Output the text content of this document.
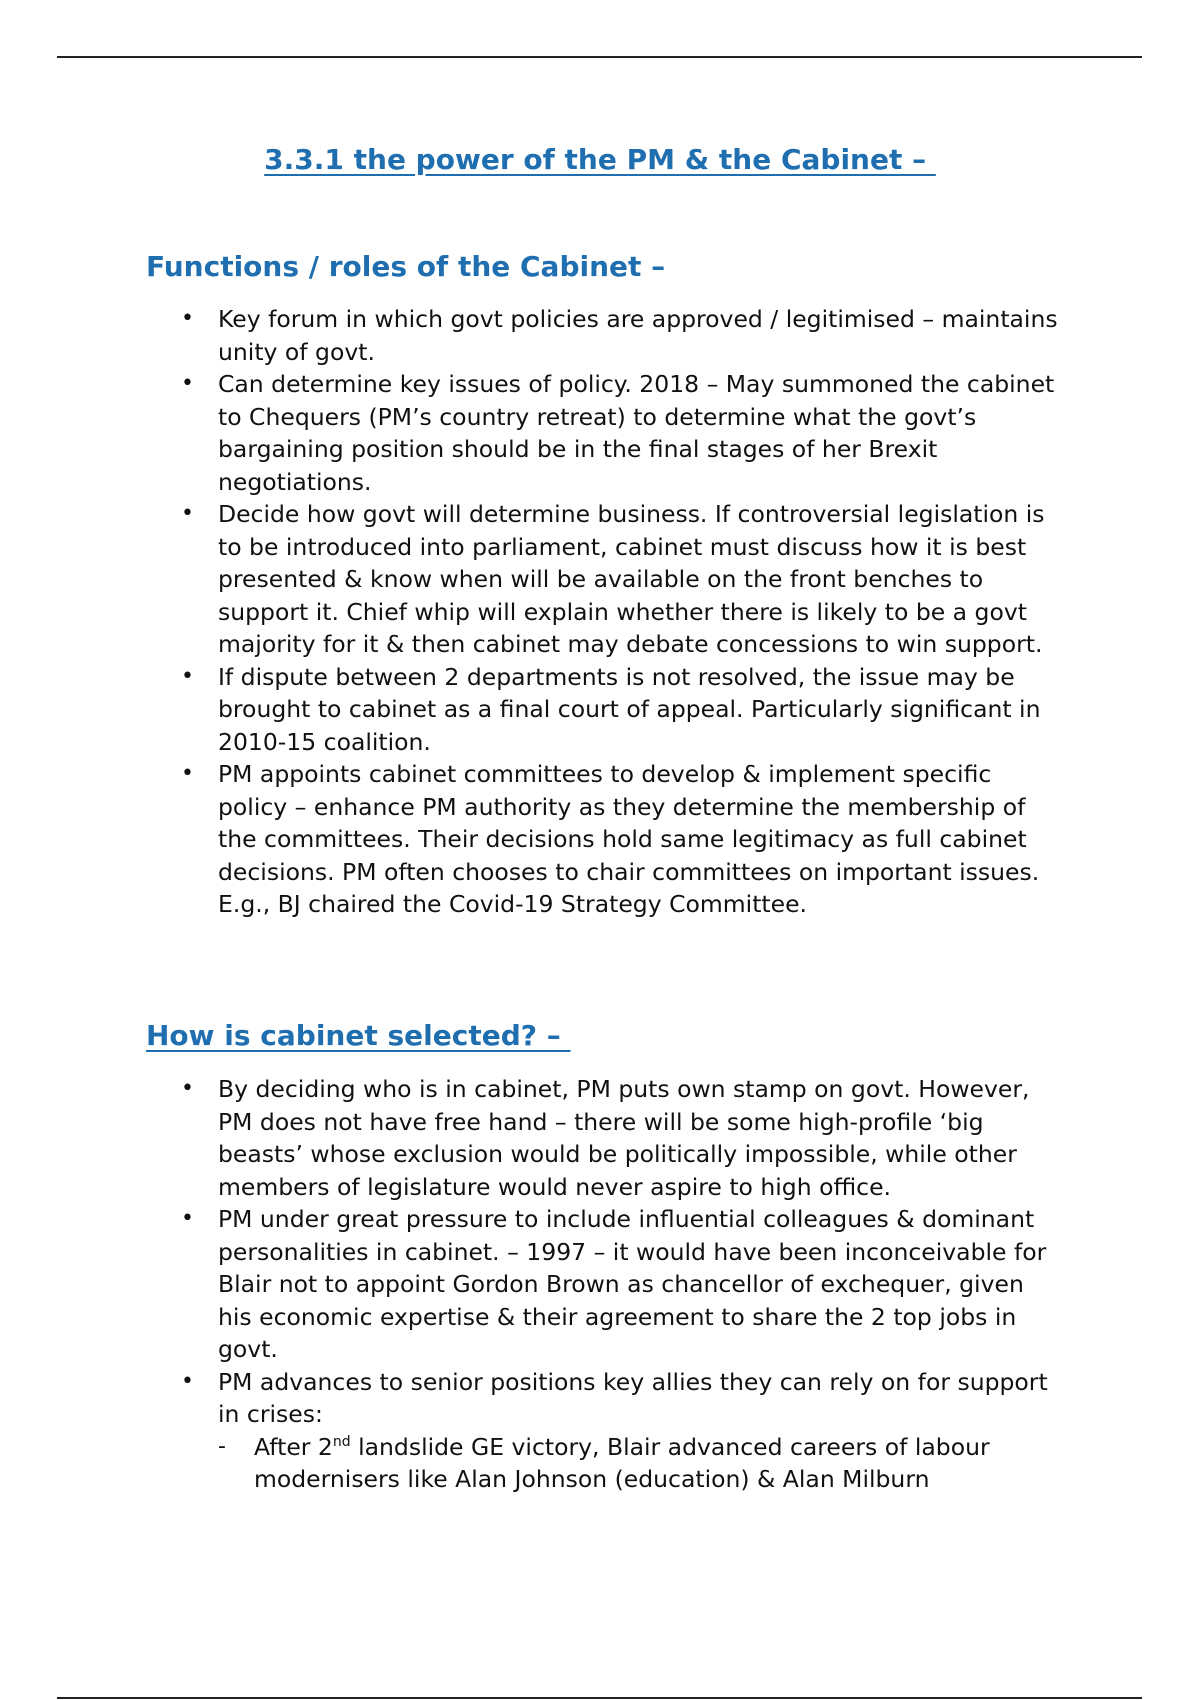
3.3.1 the power of the PM & the Cabinet –
Functions / roles of the Cabinet –
• Key forum in which govt policies are approved / legitimised – maintains unity of govt.
• Can determine key issues of policy. 2018 – May summoned the cabinet to Chequers (PM’s country retreat) to determine what the govt’s bargaining position should be in the final stages of her Brexit negotiations.
• Decide how govt will determine business. If controversial legislation is to be introduced into parliament, cabinet must discuss how it is best presented & know when will be available on the front benches to support it. Chief whip will explain whether there is likely to be a govt majority for it & then cabinet may debate concessions to win support.
• If dispute between 2 departments is not resolved, the issue may be brought to cabinet as a final court of appeal. Particularly significant in 2010-15 coalition.
• PM appoints cabinet committees to develop & implement specific policy – enhance PM authority as they determine the membership of the committees. Their decisions hold same legitimacy as full cabinet decisions. PM often chooses to chair committees on important issues. E.g., BJ chaired the Covid-19 Strategy Committee.
How is cabinet selected? –
• By deciding who is in cabinet, PM puts own stamp on govt. However, PM does not have free hand – there will be some high-profile ‘big beasts’ whose exclusion would be politically impossible, while other members of legislature would never aspire to high office.
• PM under great pressure to include influential colleagues & dominant personalities in cabinet. – 1997 – it would have been inconceivable for Blair not to appoint Gordon Brown as chancellor of exchequer, given his economic expertise & their agreement to share the 2 top jobs in govt.
• PM advances to senior positions key allies they can rely on for support in crises:
- After 2nd landslide GE victory, Blair advanced careers of labour modernisers like Alan Johnson (education) & Alan Milburn
